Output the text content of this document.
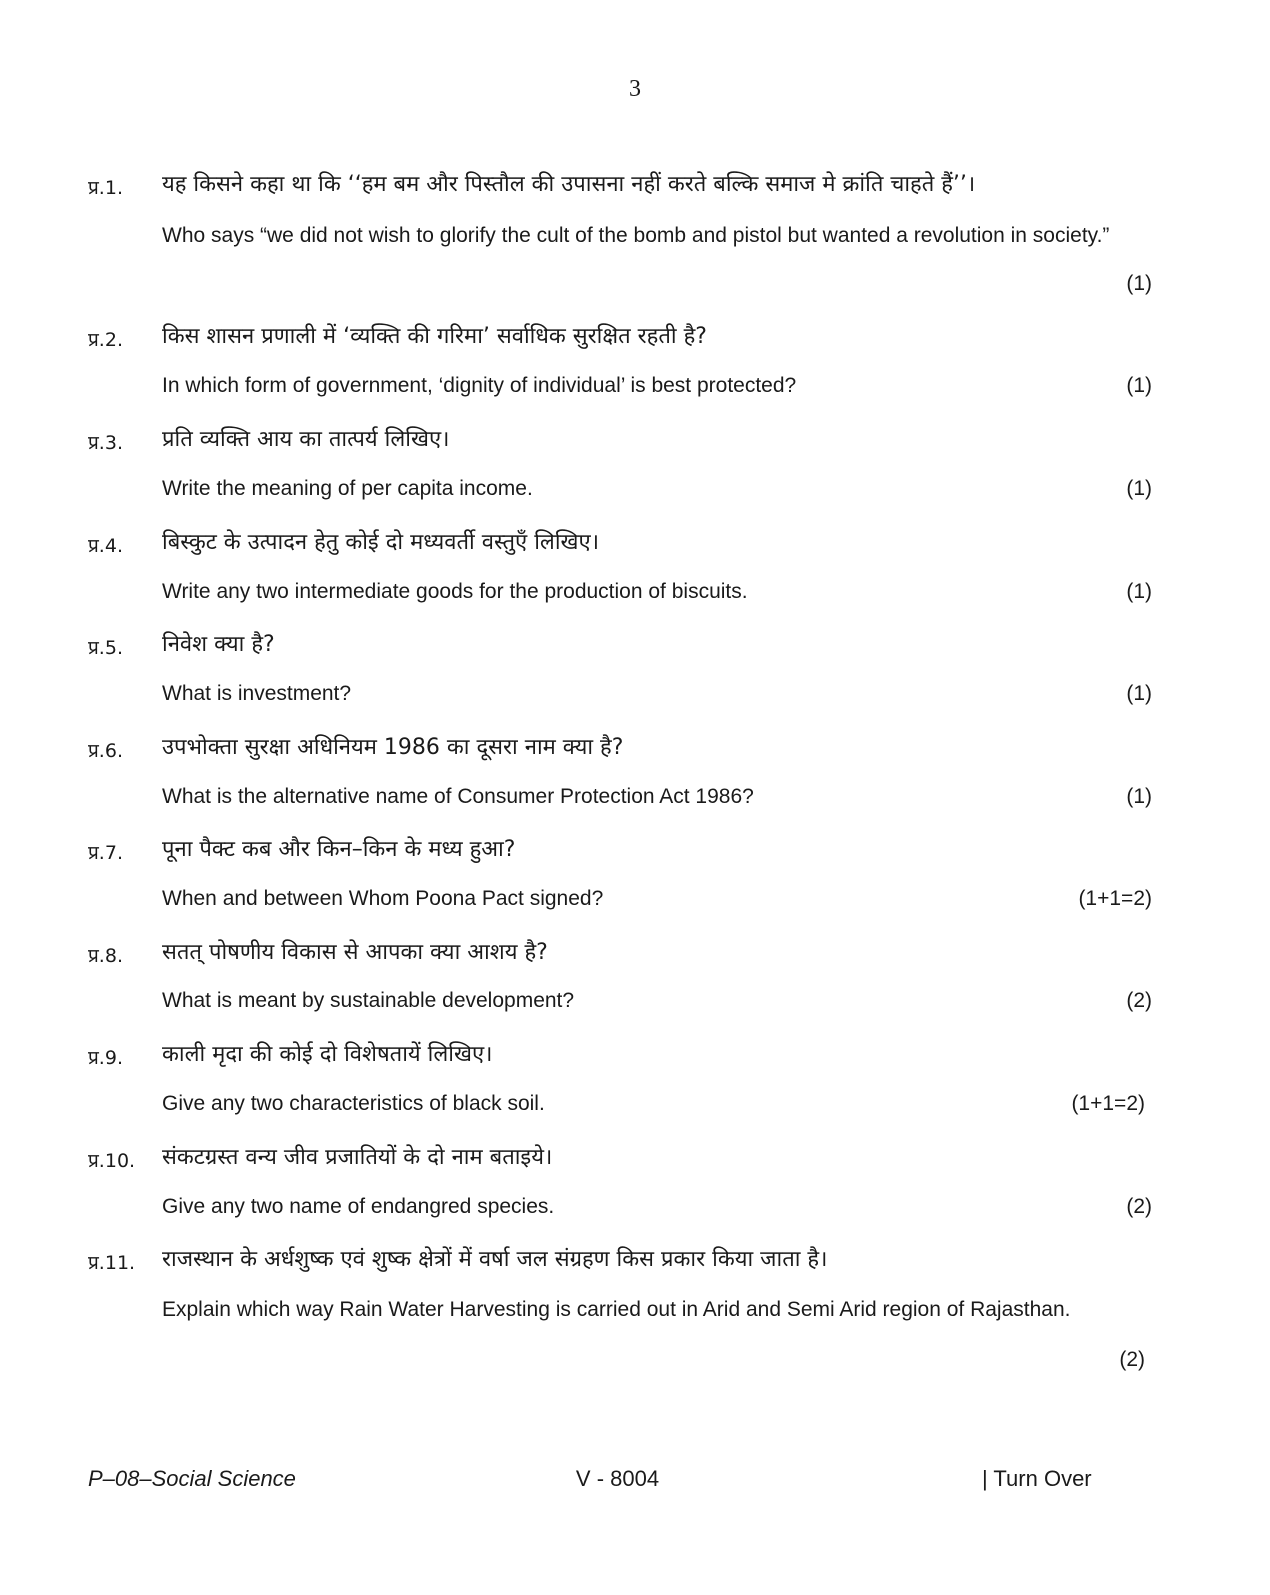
3
प्र.1. यह किसने कहा था कि ‘‘हम बम और पिस्तौल की उपासना नहीं करते बल्कि समाज मे क्रांति चाहते हैं’’।
Who says “we did not wish to glorify the cult of the bomb and pistol but wanted a revolution in society.”
(1)
प्र.2. किस शासन प्रणाली में ‘व्यक्ति की गरिमा’ सर्वाधिक सुरक्षित रहती है?
In which form of government, ‘dignity of individual’ is best protected?	(1)
प्र.3. प्रति व्यक्ति आय का तात्पर्य लिखिए।
Write the meaning of per capita income.	(1)
प्र.4. बिस्कुट के उत्पादन हेतु कोई दो मध्यवर्ती वस्तुऍं लिखिए।
Write any two intermediate goods for the production of biscuits.	(1)
प्र.5. निवेश क्या है?
What is investment?	(1)
प्र.6. उपभोक्ता सुरक्षा अधिनियम 1986 का दूसरा नाम क्या है?
What is the alternative name of Consumer Protection Act 1986?	(1)
प्र.7. पूना पैक्ट कब और किन–किन के मध्य हुआ?
When and between Whom Poona Pact signed?	(1+1=2)
प्र.8. सतत् पोषणीय विकास से आपका क्या आशय है?
What is meant by sustainable development?	(2)
प्र.9. काली मृदा की कोई दो विशेषतायें लिखिए।
Give any two characteristics of black soil.	(1+1=2)
प्र.10. संकटग्रस्त वन्य जीव प्रजातियों के दो नाम बताइये।
Give any two name of endangred species.	(2)
प्र.11. राजस्थान के अर्धशुष्क एवं शुष्क क्षेत्रों में वर्षा जल संग्रहण किस प्रकार किया जाता है।
Explain which way Rain Water Harvesting is carried out in Arid and Semi Arid region of Rajasthan.
(2)
P–08–Social Science	V - 8004	| Turn Over
